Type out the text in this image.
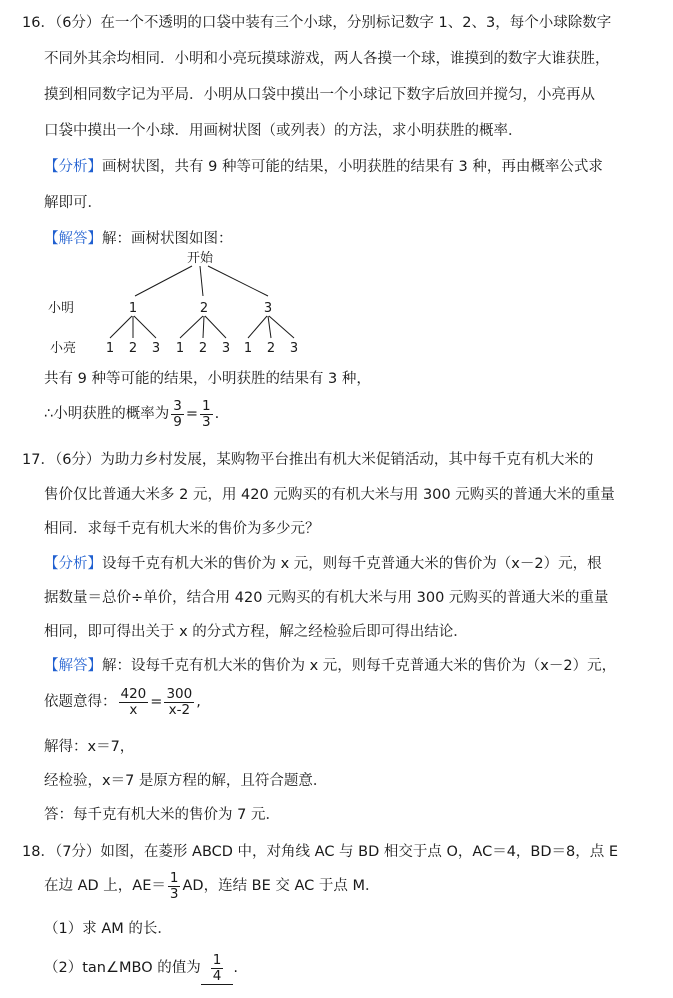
16．（6分）在一个不透明的口袋中装有三个小球，分别标记数字 1、2、3，每个小球除数字
不同外其余均相同．小明和小亮玩摸球游戏，两人各摸一个球，谁摸到的数字大谁获胜，
摸到相同数字记为平局．小明从口袋中摸出一个小球记下数字后放回并搅匀，小亮再从
口袋中摸出一个小球．用画树状图（或列表）的方法，求小明获胜的概率．
【分析】画树状图，共有 9 种等可能的结果，小明获胜的结果有 3 种，再由概率公式求
解即可．
【解答】解：画树状图如图：
开始
小明	1	2	3
小亮 1 2 3 1 2 3 1 2 3
共有 9 种等可能的结果，小明获胜的结果有 3 种，
∴小明获胜的概率为 $\frac{3}{9} = \frac{1}{3}$ .
17．（6分）为助力乡村发展，某购物平台推出有机大米促销活动，其中每千克有机大米的
售价仅比普通大米多 2 元，用 420 元购买的有机大米与用 300 元购买的普通大米的重量
相同．求每千克有机大米的售价为多少元？
【分析】设每千克有机大米的售价为 x 元，则每千克普通大米的售价为（x－2）元，根
据数量＝总价÷单价，结合用 420 元购买的有机大米与用 300 元购买的普通大米的重量
相同，即可得出关于 x 的分式方程，解之经检验后即可得出结论．
【解答】解：设每千克有机大米的售价为 x 元，则每千克普通大米的售价为（x－2）元，
依题意得： $\frac{420}{x} = \frac{300}{x-2}$ ,
解得：x＝7，
经检验，x＝7 是原方程的解，且符合题意．
答：每千克有机大米的售价为 7 元．
18．（7分）如图，在菱形 ABCD 中，对角线 AC 与 BD 相交于点 O，AC＝4，BD＝8，点 E
在边 AD 上，$AE= \frac{1}{3}$ AD，连结 BE 交 AC 于点 M．
（1）求 AM 的长．
（2）tan∠MBO 的值为 $\frac{1}{4}$ .
